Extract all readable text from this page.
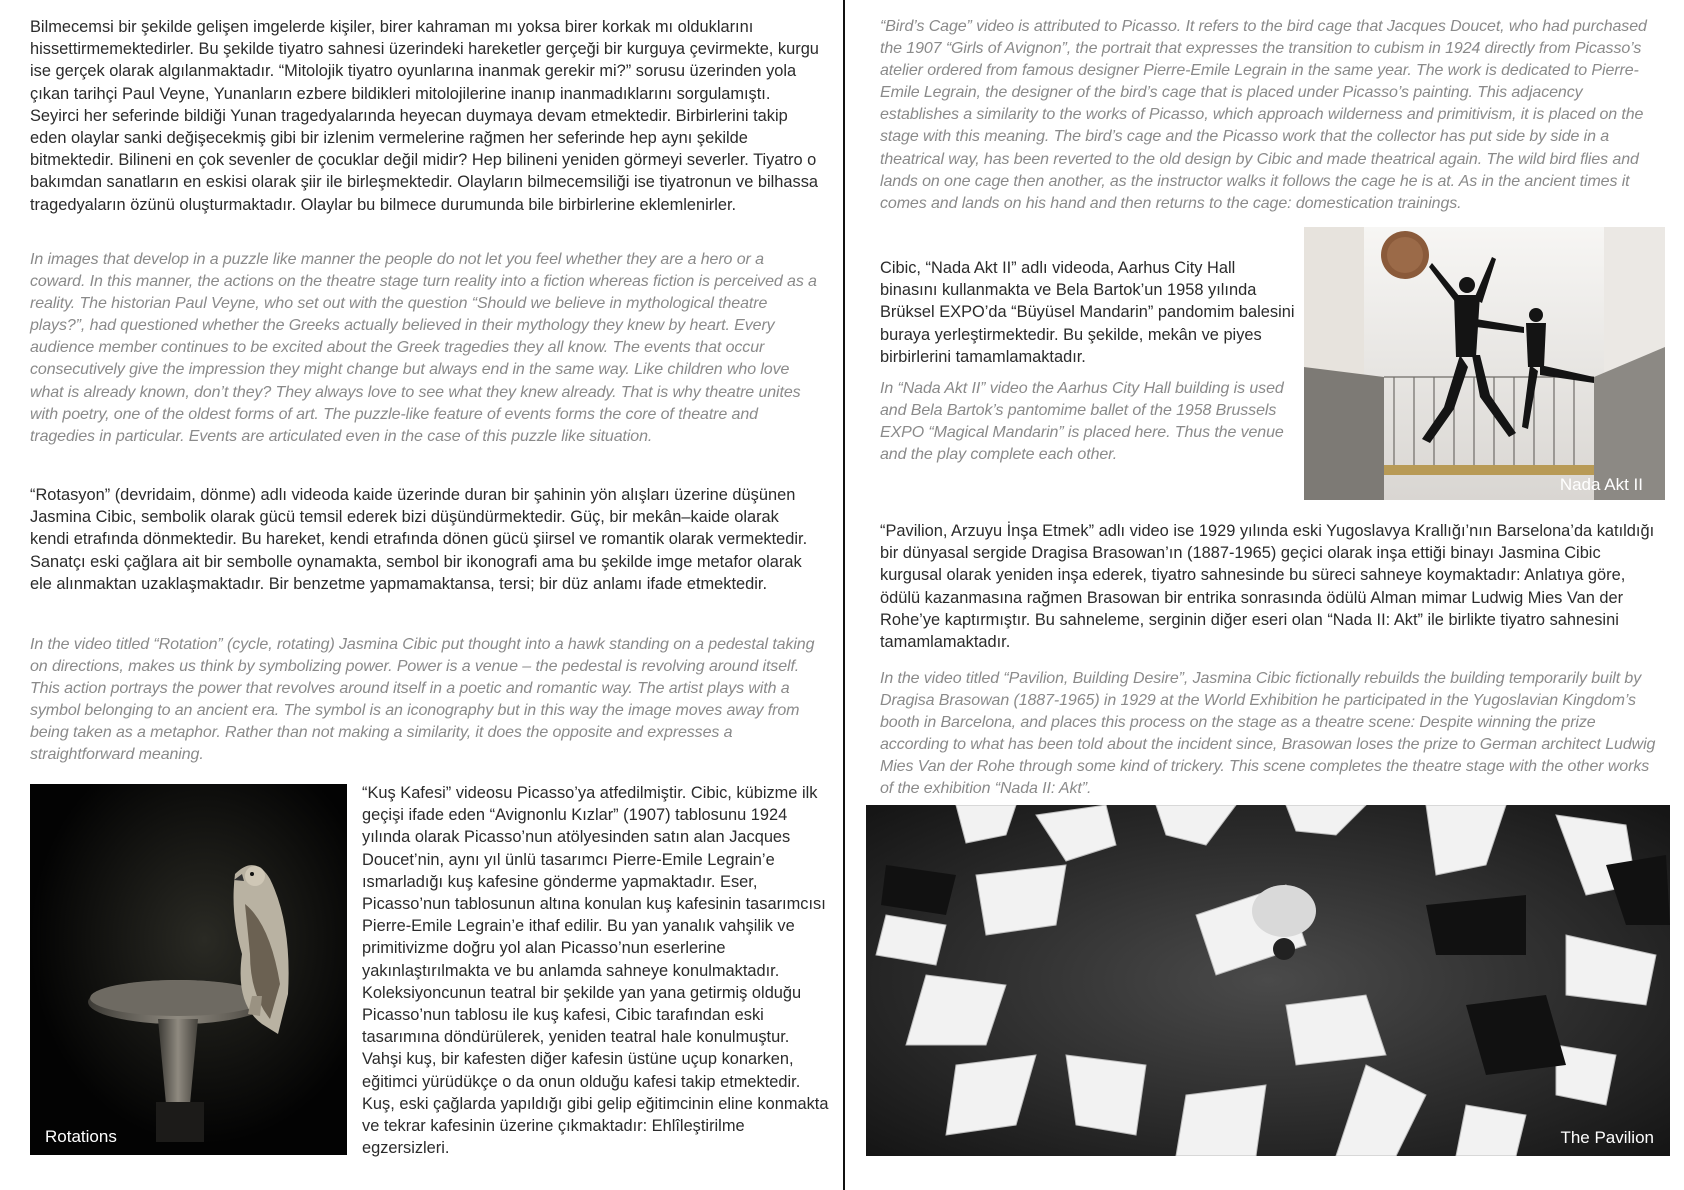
Bilmecemsi bir şekilde gelişen imgelerde kişiler, birer kahraman mı yoksa birer korkak mı olduklarını hissettirmemektedirler. Bu şekilde tiyatro sahnesi üzerindeki hareketler gerçeği bir kurguya çevirmekte, kurgu ise gerçek olarak algılanmaktadır. “Mitolojik tiyatro oyunlarına inanmak gerekir mi?” sorusu üzerinden yola çıkan tarihçi Paul Veyne, Yunanların ezbere bildikleri mitolojilerine inanıp inanmadıklarını sorgulamıştı. Seyirci her seferinde bildiği Yunan tragedyalarında heyecan duymaya devam etmektedir. Birbirlerini takip eden olaylar sanki değişecekmiş gibi bir izlenim vermelerine rağmen her seferinde hep aynı şekilde bitmektedir. Bilineni en çok sevenler de çocuklar değil midir? Hep bilineni yeniden görmeyi severler. Tiyatro o bakımdan sanatların en eskisi olarak şiir ile birleşmektedir. Olayların bilmecemsiliği ise tiyatronun ve bilhassa tragedyaların özünü oluşturmaktadır. Olaylar bu bilmece durumunda bile birbirlerine eklemlenirler.

In images that develop in a puzzle like manner the people do not let you feel whether they are a hero or a coward. In this manner, the actions on the theatre stage turn reality into a fiction whereas fiction is perceived as a reality. The historian Paul Veyne, who set out with the question “Should we believe in mythological theatre plays?”, had questioned whether the Greeks actually believed in their mythology they knew by heart. Every audience member continues to be excited about the Greek tragedies they all know. The events that occur consecutively give the impression they might change but always end in the same way. Like children who love what is already known, don’t they? They always love to see what they knew already. That is why theatre unites with poetry, one of the oldest forms of art. The puzzle-like feature of events forms the core of theatre and tragedies in particular. Events are articulated even in the case of this puzzle like situation.

“Rotasyon” (devridaim, dönme) adlı videoda kaide üzerinde duran bir şahinin yön alışları üzerine düşünen Jasmina Cibic, sembolik olarak gücü temsil ederek bizi düşündürmektedir. Güç, bir mekân–kaide olarak kendi etrafında dönmektedir. Bu hareket, kendi etrafında dönen gücü şiirsel ve romantik olarak vermektedir. Sanatçı eski çağlara ait bir sembolle oynamakta, sembol bir ikonografi ama bu şekilde imge metafor olarak ele alınmaktan uzaklaşmaktadır. Bir benzetme yapmamaktansa, tersi; bir düz anlamı ifade etmektedir.

In the video titled “Rotation” (cycle, rotating) Jasmina Cibic put thought into a hawk standing on a pedestal taking on directions, makes us think by symbolizing power. Power is a venue – the pedestal is revolving around itself. This action portrays the power that revolves around itself in a poetic and romantic way. The artist plays with a symbol belonging to an ancient era. The symbol is an iconography but in this way the image moves away from being taken as a metaphor. Rather than not making a similarity, it does the opposite and expresses a straightforward meaning.

Rotations

“Kuş Kafesi” videosu Picasso’ya atfedilmiştir. Cibic, kübizme ilk geçişi ifade eden “Avignonlu Kızlar” (1907) tablosunu 1924 yılında olarak Picasso’nun atölyesinden satın alan Jacques Doucet’nin, aynı yıl ünlü tasarımcı Pierre-Emile Legrain’e ısmarladığı kuş kafesine gönderme yapmaktadır. Eser, Picasso’nun tablosunun altına konulan kuş kafesinin tasarımcısı Pierre-Emile Legrain’e ithaf edilir. Bu yan yanalık vahşilik ve primitivizme doğru yol alan Picasso’nun eserlerine yakınlaştırılmakta ve bu anlamda sahneye konulmaktadır. Koleksiyoncunun teatral bir şekilde yan yana getirmiş olduğu Picasso’nun tablosu ile kuş kafesi, Cibic tarafından eski tasarımına döndürülerek, yeniden teatral hale konulmuştur. Vahşi kuş, bir kafesten diğer kafesin üstüne uçup konarken, eğitimci yürüdükçe o da onun olduğu kafesi takip etmektedir. Kuş, eski çağlarda yapıldığı gibi gelip eğitimcinin eline konmakta ve tekrar kafesinin üzerine çıkmaktadır: Ehlîleştirilme egzersizleri.

“Bird’s Cage” video is attributed to Picasso. It refers to the bird cage that Jacques Doucet, who had purchased the 1907 “Girls of Avignon”, the portrait that expresses the transition to cubism in 1924 directly from Picasso’s atelier ordered from famous designer Pierre-Emile Legrain in the same year. The work is dedicated to Pierre-Emile Legrain, the designer of the bird’s cage that is placed under Picasso’s painting. This adjacency establishes a similarity to the works of Picasso, which approach wilderness and primitivism, it is placed on the stage with this meaning. The bird’s cage and the Picasso work that the collector has put side by side in a theatrical way, has been reverted to the old design by Cibic and made theatrical again. The wild bird flies and lands on one cage then another, as the instructor walks it follows the cage he is at. As in the ancient times it comes and lands on his hand and then returns to the cage: domestication trainings.

Cibic, “Nada Akt II” adlı videoda, Aarhus City Hall binasını kullanmakta ve Bela Bartok’un 1958 yılında Brüksel EXPO’da “Büyüsel Mandarin” pandomim balesini buraya yerleştirmektedir. Bu şekilde, mekân ve piyes birbirlerini tamamlamaktadır.

In “Nada Akt II” video the Aarhus City Hall building is used and Bela Bartok’s pantomime ballet of the 1958 Brussels EXPO “Magical Mandarin” is placed here. Thus the venue and the play complete each other.

Nada Akt II

“Pavilion, Arzuyu İnşa Etmek” adlı video ise 1929 yılında eski Yugoslavya Krallığı’nın Barselona’da katıldığı bir dünyasal sergide Dragisa Brasowan’ın (1887-1965) geçici olarak inşa ettiği binayı Jasmina Cibic kurgusal olarak yeniden inşa ederek, tiyatro sahnesinde bu süreci sahneye koymaktadır: Anlatıya göre, ödülü kazanmasına rağmen Brasowan bir entrika sonrasında ödülü Alman mimar Ludwig Mies Van der Rohe’ye kaptırmıştır. Bu sahneleme, serginin diğer eseri olan “Nada II: Akt” ile birlikte tiyatro sahnesini tamamlamaktadır.

In the video titled “Pavilion, Building Desire”, Jasmina Cibic fictionally rebuilds the building temporarily built by Dragisa Brasowan (1887-1965) in 1929 at the World Exhibition he participated in the Yugoslavian Kingdom’s booth in Barcelona, and places this process on the stage as a theatre scene: Despite winning the prize according to what has been told about the incident since, Brasowan loses the prize to German architect Ludwig Mies Van der Rohe through some kind of trickery. This scene completes the theatre stage with the other works of the exhibition “Nada II: Akt”.

The Pavilion
